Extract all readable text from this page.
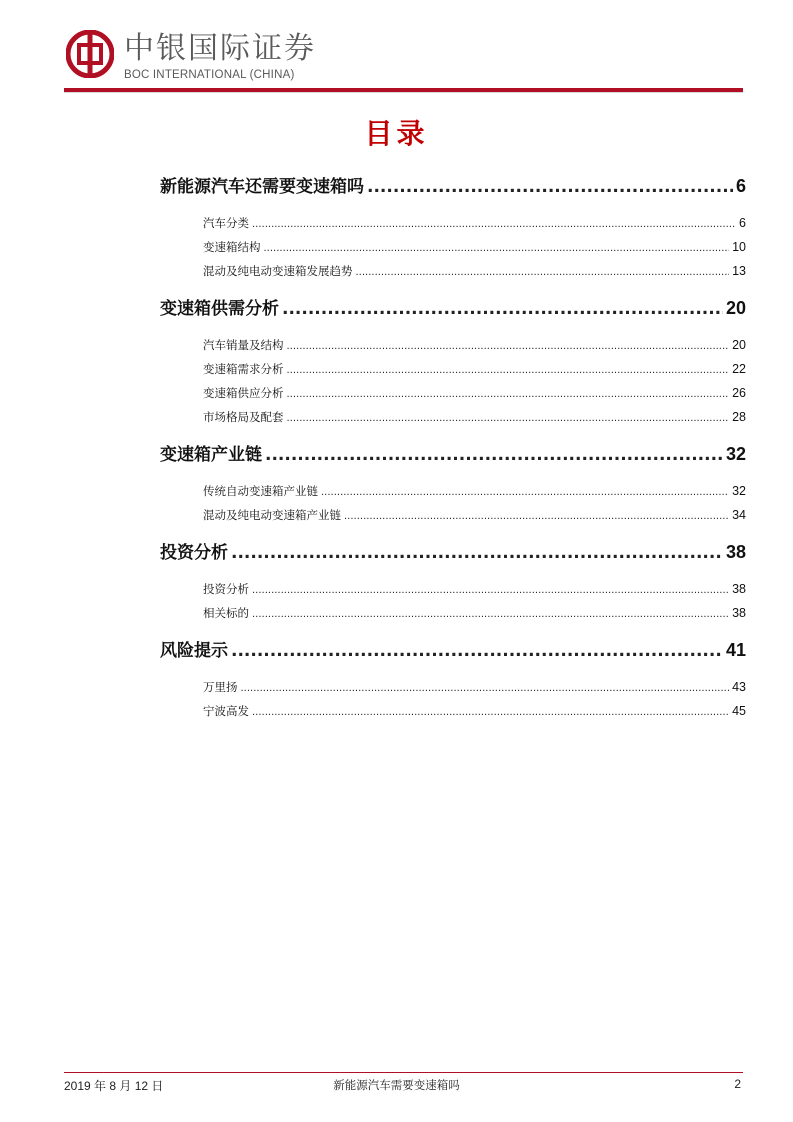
中银国际证券
BOC INTERNATIONAL (CHINA)
目录
新能源汽车还需要变速箱吗 .....	6
汽车分类 .....	6
变速箱结构 .....	10
混动及纯电动变速箱发展趋势 .....	13
变速箱供需分析 .....	20
汽车销量及结构 .....	20
变速箱需求分析 .....	22
变速箱供应分析 .....	26
市场格局及配套 .....	28
变速箱产业链 .....	32
传统自动变速箱产业链 .....	32
混动及纯电动变速箱产业链 .....	34
投资分析 .....	38
投资分析 .....	38
相关标的 .....	38
风险提示 .....	41
万里扬 .....	43
宁波高发 .....	45
2019 年 8 月 12 日	新能源汽车需要变速箱吗	2
